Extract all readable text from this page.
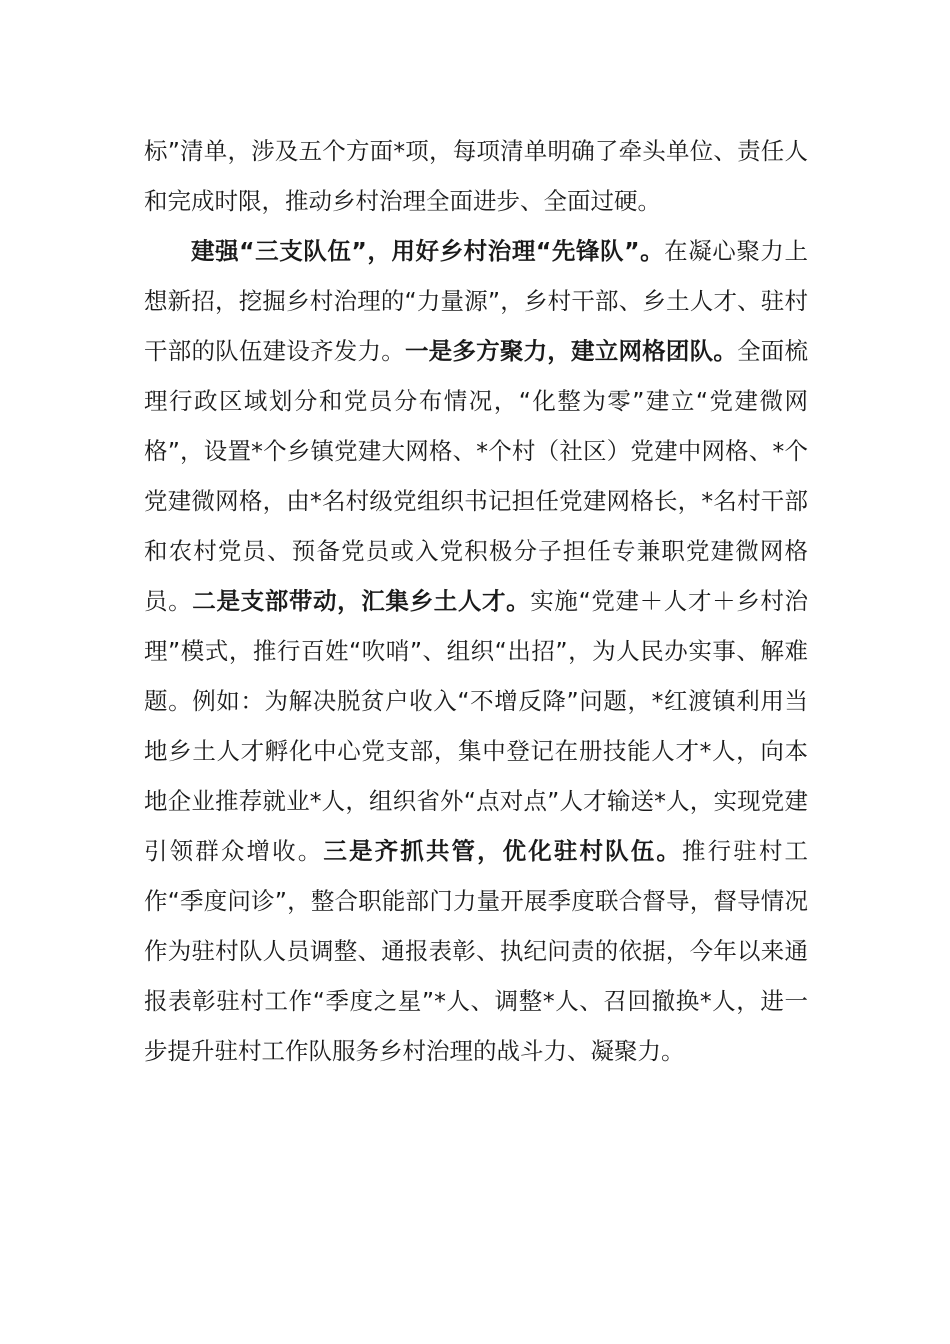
标”清单，涉及五个方面*项，每项清单明确了牵头单位、责任人和完成时限，推动乡村治理全面进步、全面过硬。

建强“三支队伍”，用好乡村治理“先锋队”。在凝心聚力上想新招，挖掘乡村治理的“力量源”，乡村干部、乡土人才、驻村干部的队伍建设齐发力。一是多方聚力，建立网格团队。全面梳理行政区域划分和党员分布情况，“化整为零”建立“党建微网格”，设置*个乡镇党建大网格、*个村（社区）党建中网格、*个党建微网格，由*名村级党组织书记担任党建网格长，*名村干部和农村党员、预备党员或入党积极分子担任专兼职党建微网格员。二是支部带动，汇集乡土人才。实施“党建＋人才＋乡村治理”模式，推行百姓“吹哨”、组织“出招”，为人民办实事、解难题。例如：为解决脱贫户收入“不增反降”问题，*红渡镇利用当地乡土人才孵化中心党支部，集中登记在册技能人才*人，向本地企业推荐就业*人，组织省外“点对点”人才输送*人，实现党建引领群众增收。三是齐抓共管，优化驻村队伍。推行驻村工作“季度问诊”，整合职能部门力量开展季度联合督导，督导情况作为驻村队人员调整、通报表彰、执纪问责的依据，今年以来通报表彰驻村工作“季度之星”*人、调整*人、召回撤换*人，进一步提升驻村工作队服务乡村治理的战斗力、凝聚力。
